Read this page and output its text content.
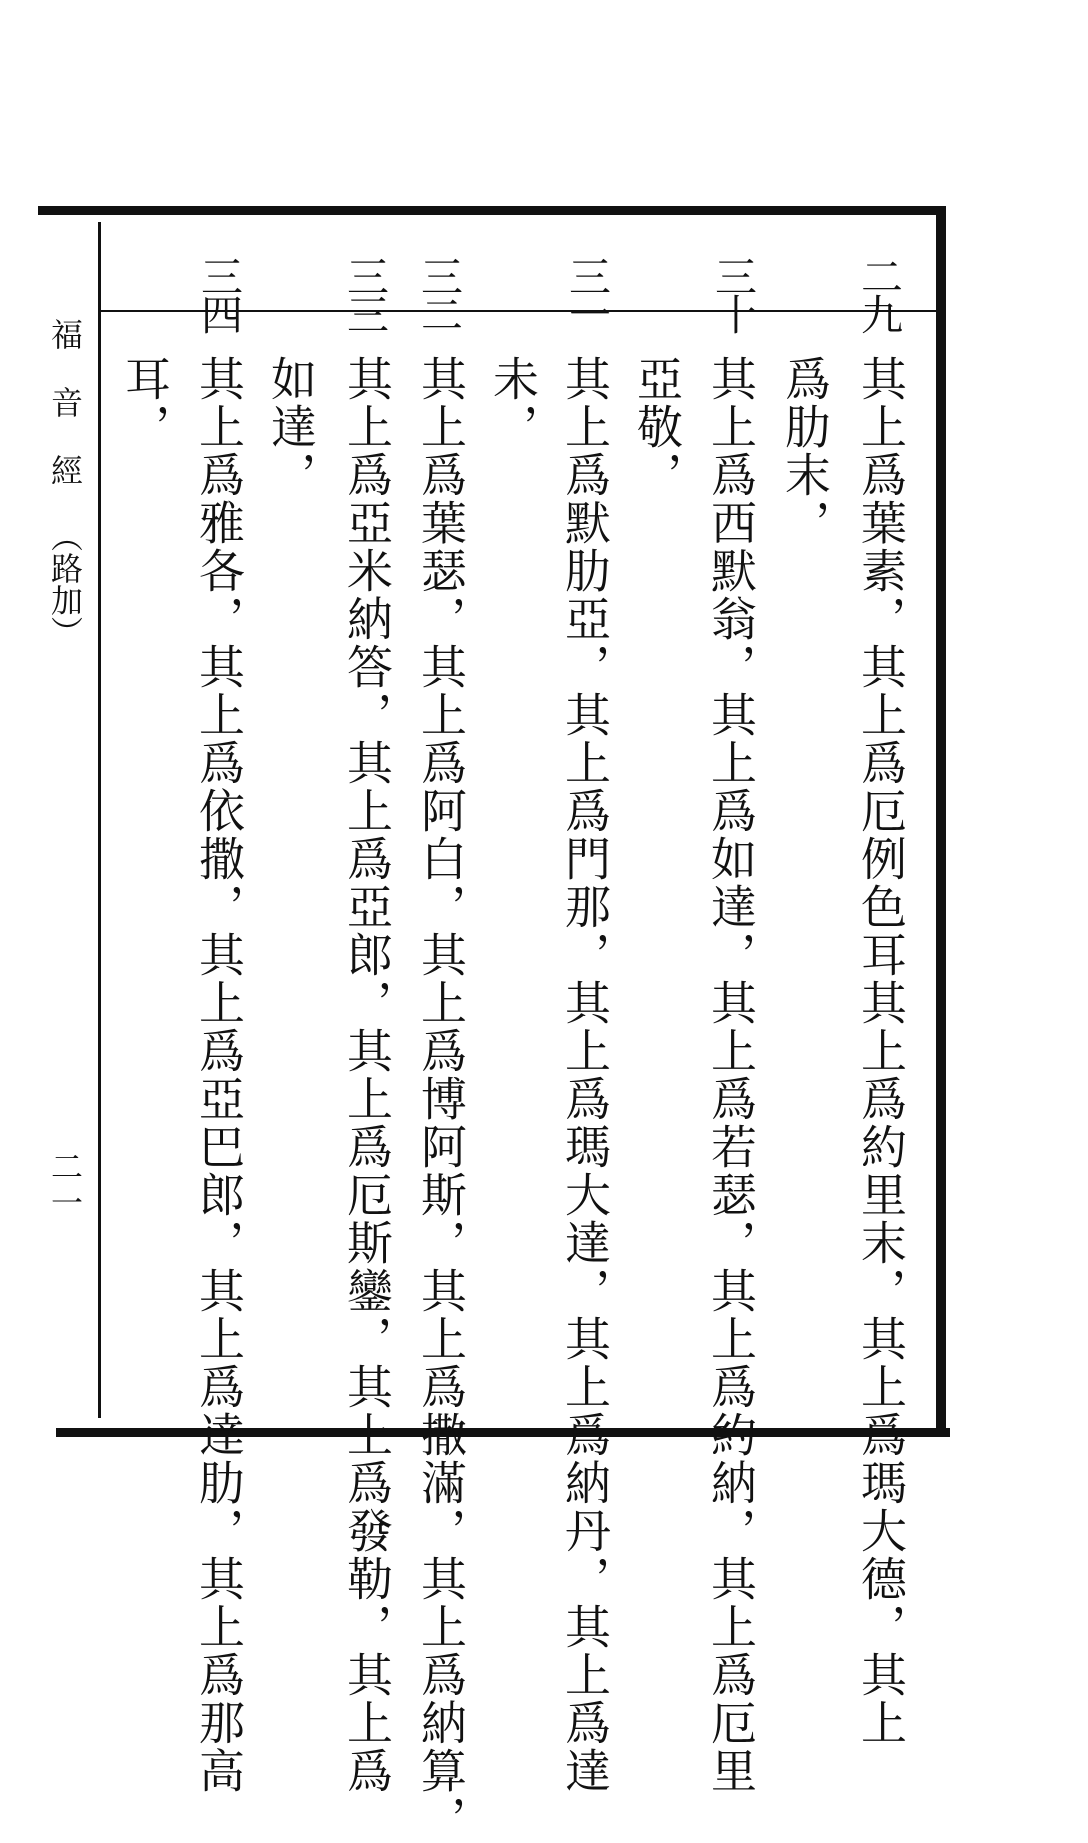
福音經
（路加）
二一
二九
三十
三一
三二
三三
三四
其上爲葉素，其上爲厄例色耳其上爲約里末，其上爲瑪大德，其上
爲肋末，
其上爲西默翁，其上爲如達，其上爲若瑟，其上爲約納，其上爲厄里
亞敬，
其上爲默肋亞，其上爲門那，其上爲瑪大達，其上爲納丹，其上爲達
未，
其上爲葉瑟，其上爲阿白，其上爲博阿斯，其上爲撒滿，其上爲納算，
其上爲亞米納答，其上爲亞郎，其上爲厄斯鑾，其上爲發勒，其上爲
如達，
其上爲雅各，其上爲依撒，其上爲亞巴郎，其上爲達肋，其上爲那高
耳，
